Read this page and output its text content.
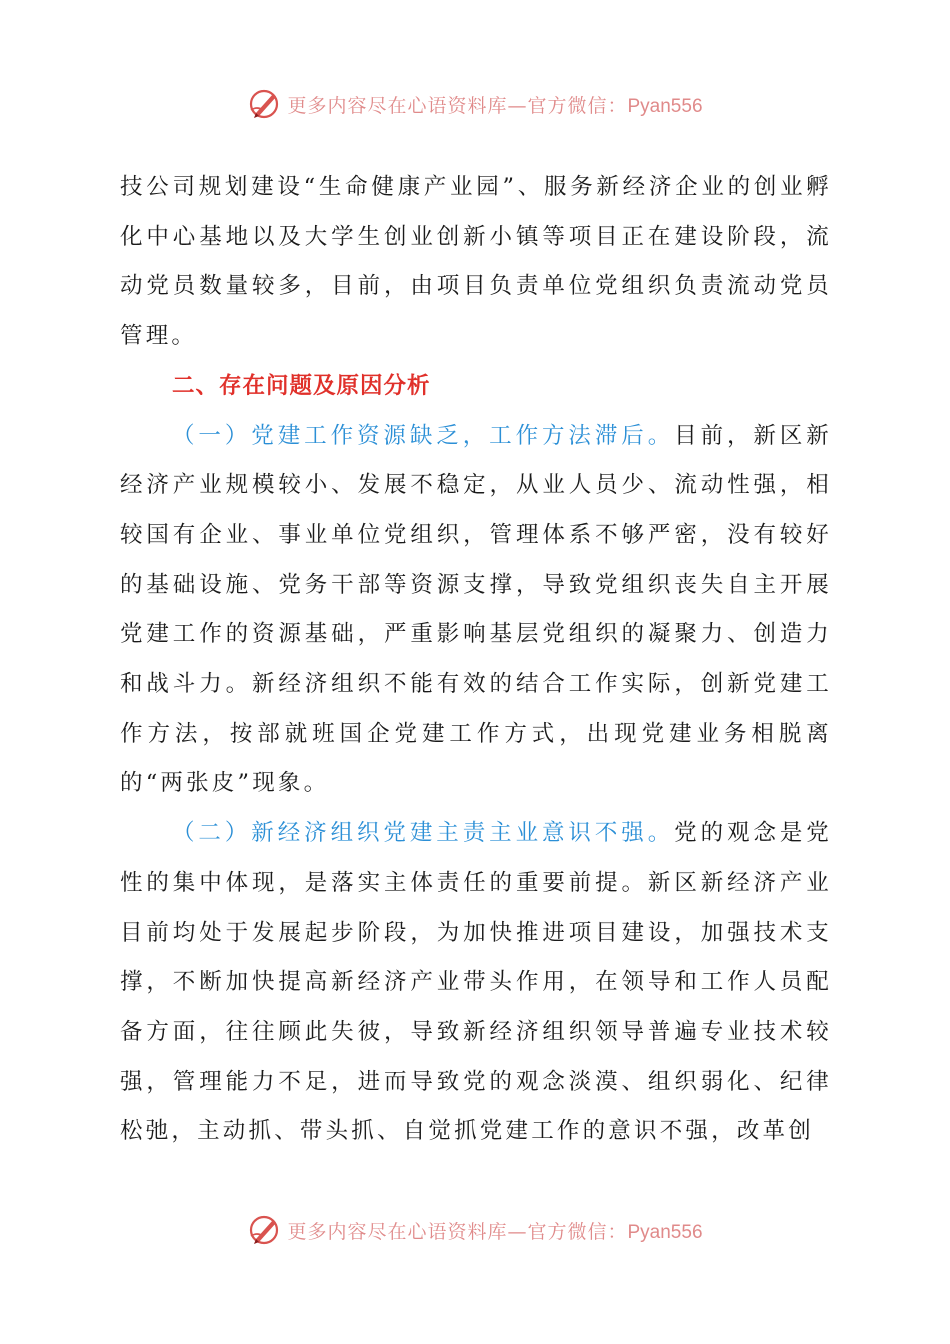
更多内容尽在心语资料库—官方微信：Pyan556

技公司规划建设“生命健康产业园”、服务新经济企业的创业孵化中心基地以及大学生创业创新小镇等项目正在建设阶段，流动党员数量较多，目前，由项目负责单位党组织负责流动党员管理。

二、存在问题及原因分析

（一）党建工作资源缺乏，工作方法滞后。目前，新区新经济产业规模较小、发展不稳定，从业人员少、流动性强，相较国有企业、事业单位党组织，管理体系不够严密，没有较好的基础设施、党务干部等资源支撑，导致党组织丧失自主开展党建工作的资源基础，严重影响基层党组织的凝聚力、创造力和战斗力。新经济组织不能有效的结合工作实际，创新党建工作方法，按部就班国企党建工作方式，出现党建业务相脱离的“两张皮”现象。

（二）新经济组织党建主责主业意识不强。党的观念是党性的集中体现，是落实主体责任的重要前提。新区新经济产业目前均处于发展起步阶段，为加快推进项目建设，加强技术支撑，不断加快提高新经济产业带头作用，在领导和工作人员配备方面，往往顾此失彼，导致新经济组织领导普遍专业技术较强，管理能力不足，进而导致党的观念淡漠、组织弱化、纪律松弛，主动抓、带头抓、自觉抓党建工作的意识不强，改革创

更多内容尽在心语资料库—官方微信：Pyan556
